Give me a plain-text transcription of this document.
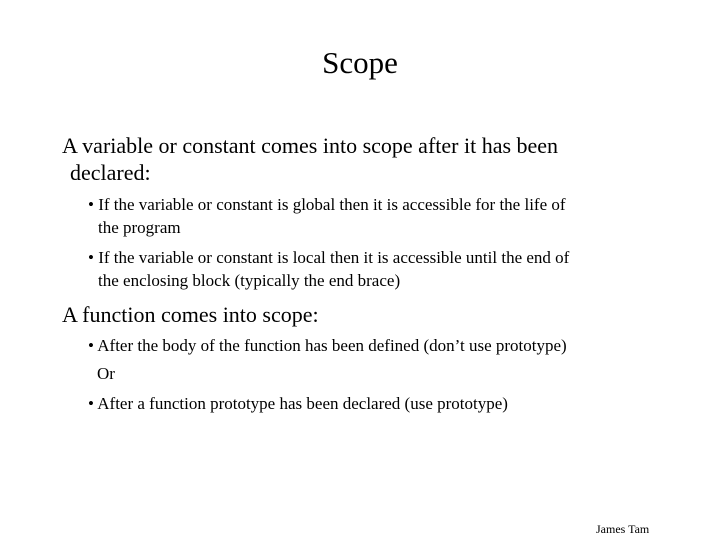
Scope
A variable or constant comes into scope after it has been
declared:
• If the variable or constant is global then it is accessible for the life of
the program
• If the variable or constant is local then it is accessible until the end of
the enclosing block (typically the end brace)
A function comes into scope:
• After the body of the function has been defined (don’t use prototype)
Or
• After a function prototype has been declared (use prototype)
James Tam
